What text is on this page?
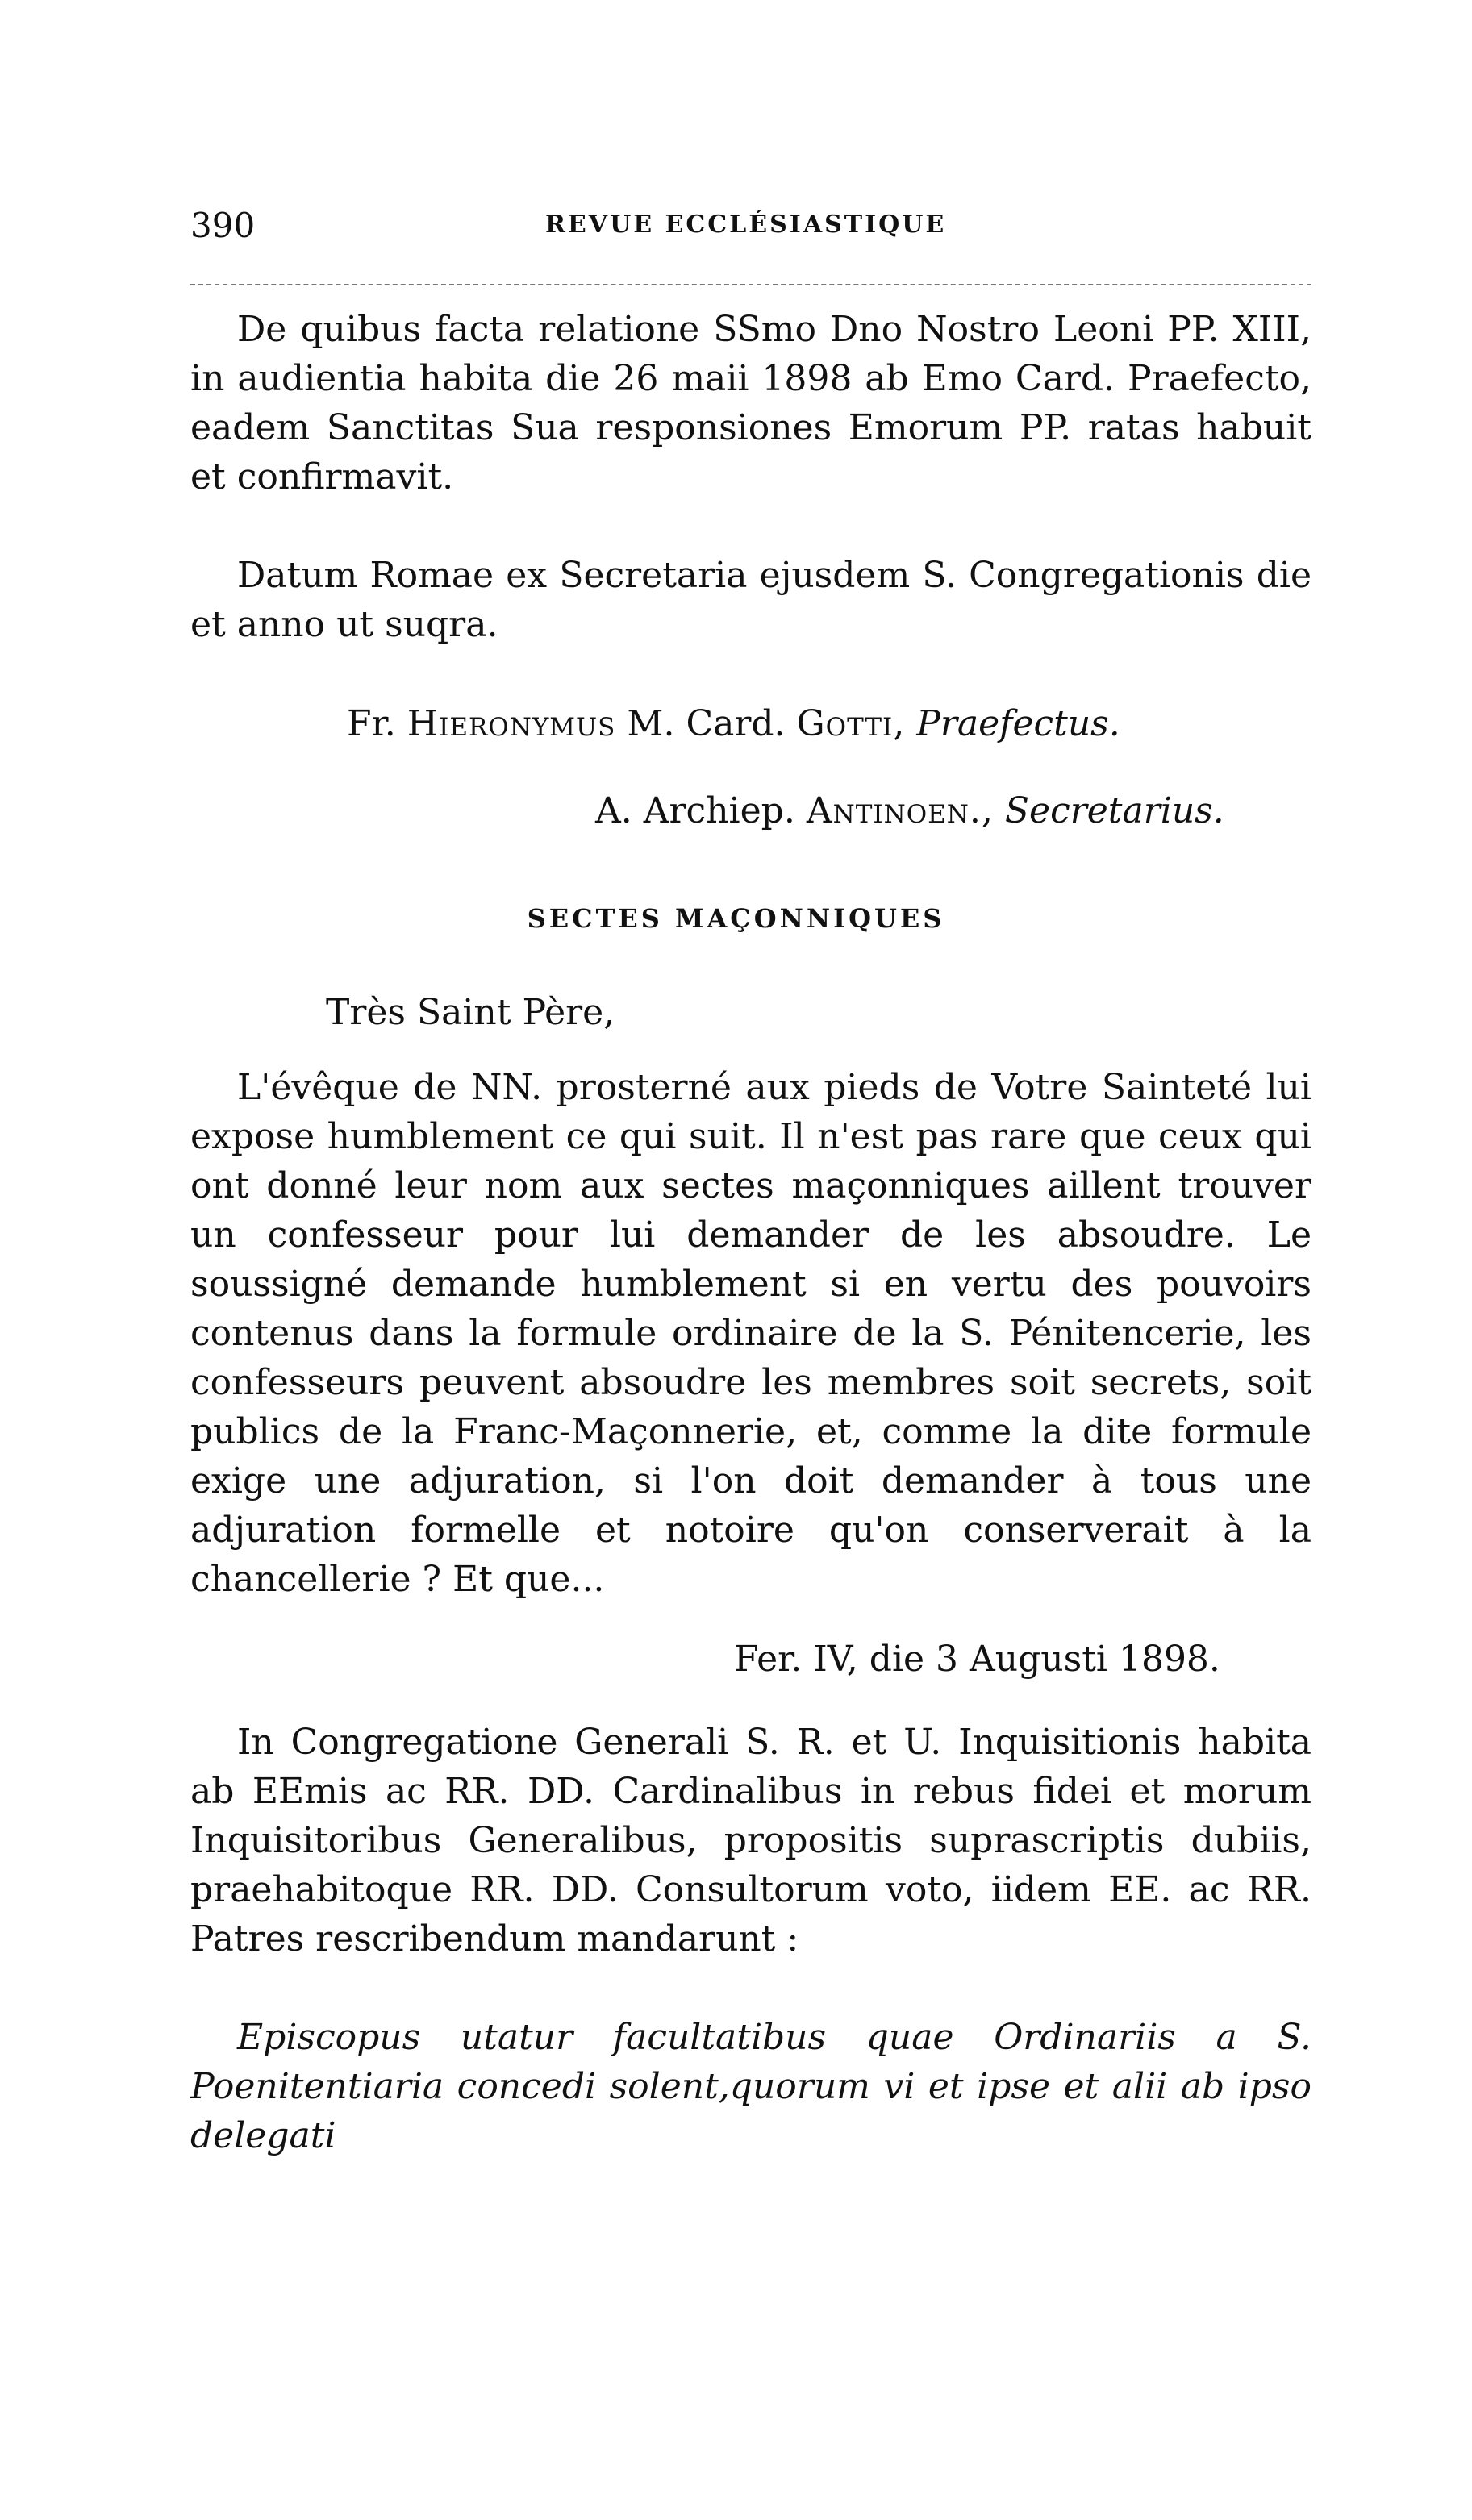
390	REVUE ECCLÉSIASTIQUE

De quibus facta relatione SSmo Dno Nostro Leoni PP. XIII, in audientia habita die 26 maii 1898 ab Emo Card. Praefecto, eadem Sanctitas Sua responsiones Emorum PP. ratas habuit et confirmavit.

Datum Romae ex Secretaria ejusdem S. Congregationis die et anno ut suqra.

Fr. Hieronymus M. Card. Gotti, Praefectus.
A. Archiep. Antinoen., Secretarius.
SECTES MAÇONNIQUES
Très Saint Père,

L'évêque de NN. prosterné aux pieds de Votre Sainteté lui expose humblement ce qui suit. Il n'est pas rare que ceux qui ont donné leur nom aux sectes maçonniques aillent trouver un confesseur pour lui demander de les absoudre. Le soussigné demande humblement si en vertu des pouvoirs contenus dans la formule ordinaire de la S. Pénitencerie, les confesseurs peuvent absoudre les membres soit secrets, soit publics de la Franc-Maçonnerie, et, comme la dite formule exige une adjuration, si l'on doit demander à tous une adjuration formelle et notoire qu'on conserverait à la chancellerie ? Et que...

Fer. IV, die 3 Augusti 1898.

In Congregatione Generali S. R. et U. Inquisitionis habita ab EEmis ac RR. DD. Cardinalibus in rebus fidei et morum Inquisitoribus Generalibus, propositis suprascriptis dubiis, praehabitoque RR. DD. Consultorum voto, iidem EE. ac RR. Patres rescribendum mandarunt :

Episcopus utatur facultatibus quae Ordinariis a S. Poenitentiaria concedi solent,quorum vi et ipse et alii ab ipso delegati
